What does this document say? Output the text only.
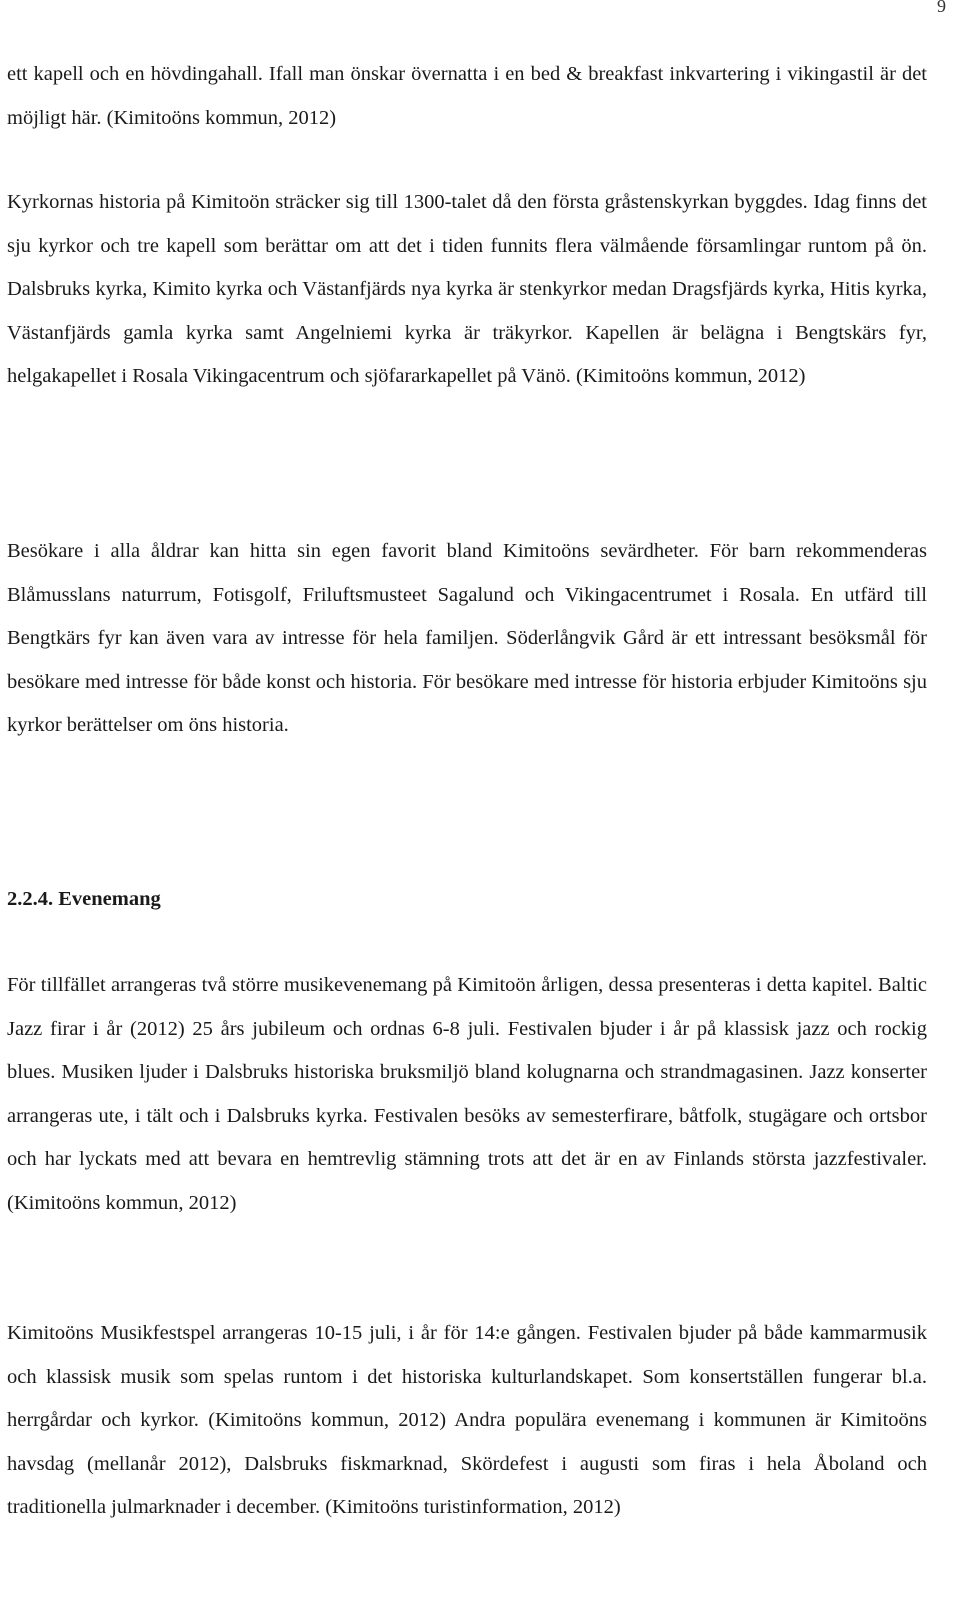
9

ett kapell och en hövdingahall. Ifall man önskar övernatta i en bed & breakfast inkvartering i vikingastil är det möjligt här. (Kimitoöns kommun, 2012)

Kyrkornas historia på Kimitoön sträcker sig till 1300-talet då den första gråstenskyrkan byggdes. Idag finns det sju kyrkor och tre kapell som berättar om att det i tiden funnits flera välmående församlingar runtom på ön. Dalsbruks kyrka, Kimito kyrka och Västanfjärds nya kyrka är stenkyrkor medan Dragsfjärds kyrka, Hitis kyrka, Västanfjärds gamla kyrka samt Angelniemi kyrka är träkyrkor. Kapellen är belägna i Bengtskärs fyr, helgakapellet i Rosala Vikingacentrum och sjöfararkapellet på Vänö. (Kimitoöns kommun, 2012)

Besökare i alla åldrar kan hitta sin egen favorit bland Kimitoöns sevärdheter. För barn rekommenderas Blåmusslans naturrum, Fotisgolf, Friluftsmusteet Sagalund och Vikingacentrumet i Rosala. En utfärd till Bengtkärs fyr kan även vara av intresse för hela familjen. Söderlångvik Gård är ett intressant besöksmål för besökare med intresse för både konst och historia. För besökare med intresse för historia erbjuder Kimitoöns sju kyrkor berättelser om öns historia.

2.2.4. Evenemang

För tillfället arrangeras två större musikevenemang på Kimitoön årligen, dessa presenteras i detta kapitel. Baltic Jazz firar i år (2012) 25 års jubileum och ordnas 6-8 juli. Festivalen bjuder i år på klassisk jazz och rockig blues. Musiken ljuder i Dalsbruks historiska bruksmiljö bland kolugnarna och strandmagasinen. Jazz konserter arrangeras ute, i tält och i Dalsbruks kyrka. Festivalen besöks av semesterfirare, båtfolk, stugägare och ortsbor och har lyckats med att bevara en hemtrevlig stämning trots att det är en av Finlands största jazzfestivaler. (Kimitoöns kommun, 2012)

Kimitoöns Musikfestspel arrangeras 10-15 juli, i år för 14:e gången. Festivalen bjuder på både kammarmusik och klassisk musik som spelas runtom i det historiska kulturlandskapet. Som konsertställen fungerar bl.a. herrgårdar och kyrkor. (Kimitoöns kommun, 2012) Andra populära evenemang i kommunen är Kimitoöns havsdag (mellanår 2012), Dalsbruks fiskmarknad, Skördefest i augusti som firas i hela Åboland och traditionella julmarknader i december. (Kimitoöns turistinformation, 2012)
